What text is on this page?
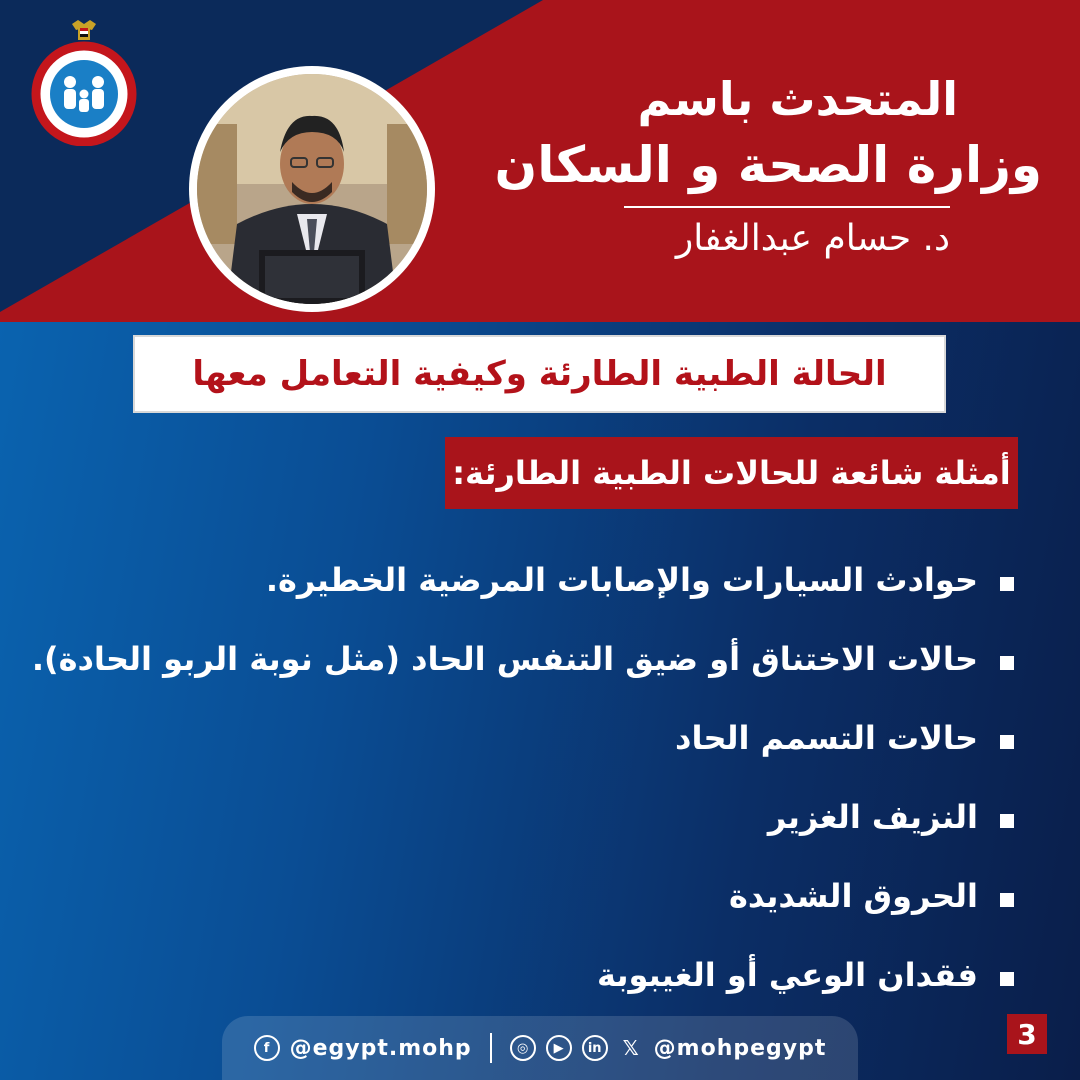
المتحدث باسم
وزارة الصحة و السكان
د. حسام عبدالغفار
الحالة الطبية الطارئة وكيفية التعامل معها
أمثلة شائعة للحالات الطبية الطارئة:
حوادث السيارات والإصابات المرضية الخطيرة.
حالات الاختناق أو ضيق التنفس الحاد (مثل نوبة الربو الحادة).
حالات التسمم الحاد
النزيف الغزير
الحروق الشديدة
فقدان الوعي أو الغيبوبة
f @egypt.mohp	◎	▶	in	𝕏 @mohpegypt	3
